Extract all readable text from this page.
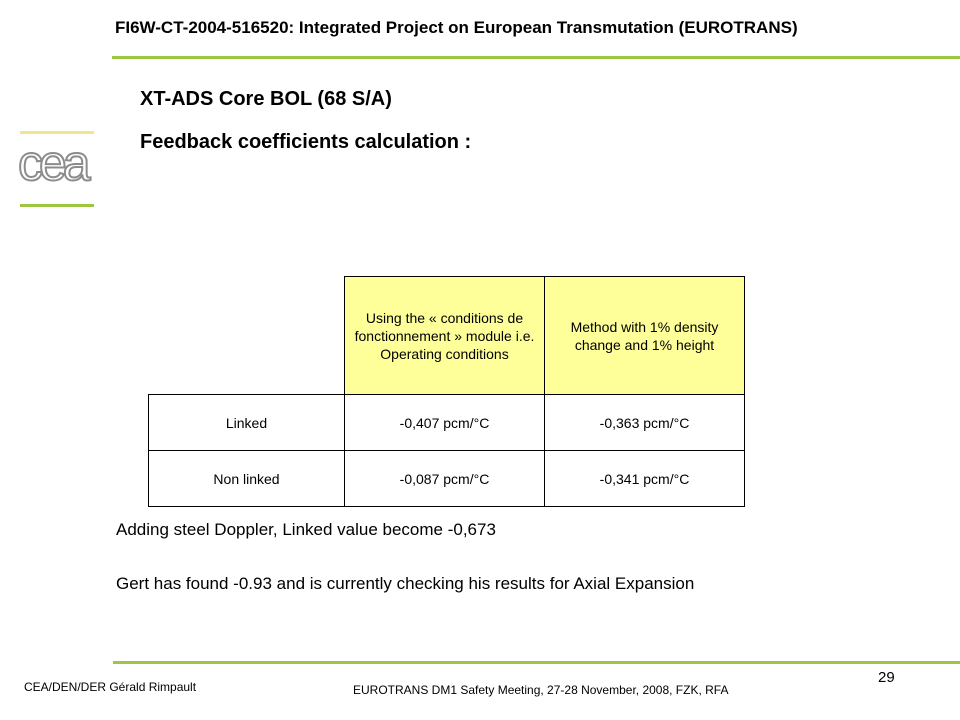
FI6W-CT-2004-516520: Integrated Project on European Transmutation (EUROTRANS)
cea
XT-ADS Core BOL (68 S/A)
Feedback coefficients calculation :
	Using the « conditions de fonctionnement » module i.e. Operating conditions	Method with 1% density change and 1% height
Linked	-0,407 pcm/°C	-0,363 pcm/°C
Non linked	-0,087 pcm/°C	-0,341 pcm/°C
Adding steel Doppler, Linked value become -0,673
Gert has found -0.93 and is currently checking his results for Axial Expansion
CEA/DEN/DER Gérald Rimpault	EUROTRANS DM1 Safety Meeting, 27-28 November, 2008, FZK, RFA
29
